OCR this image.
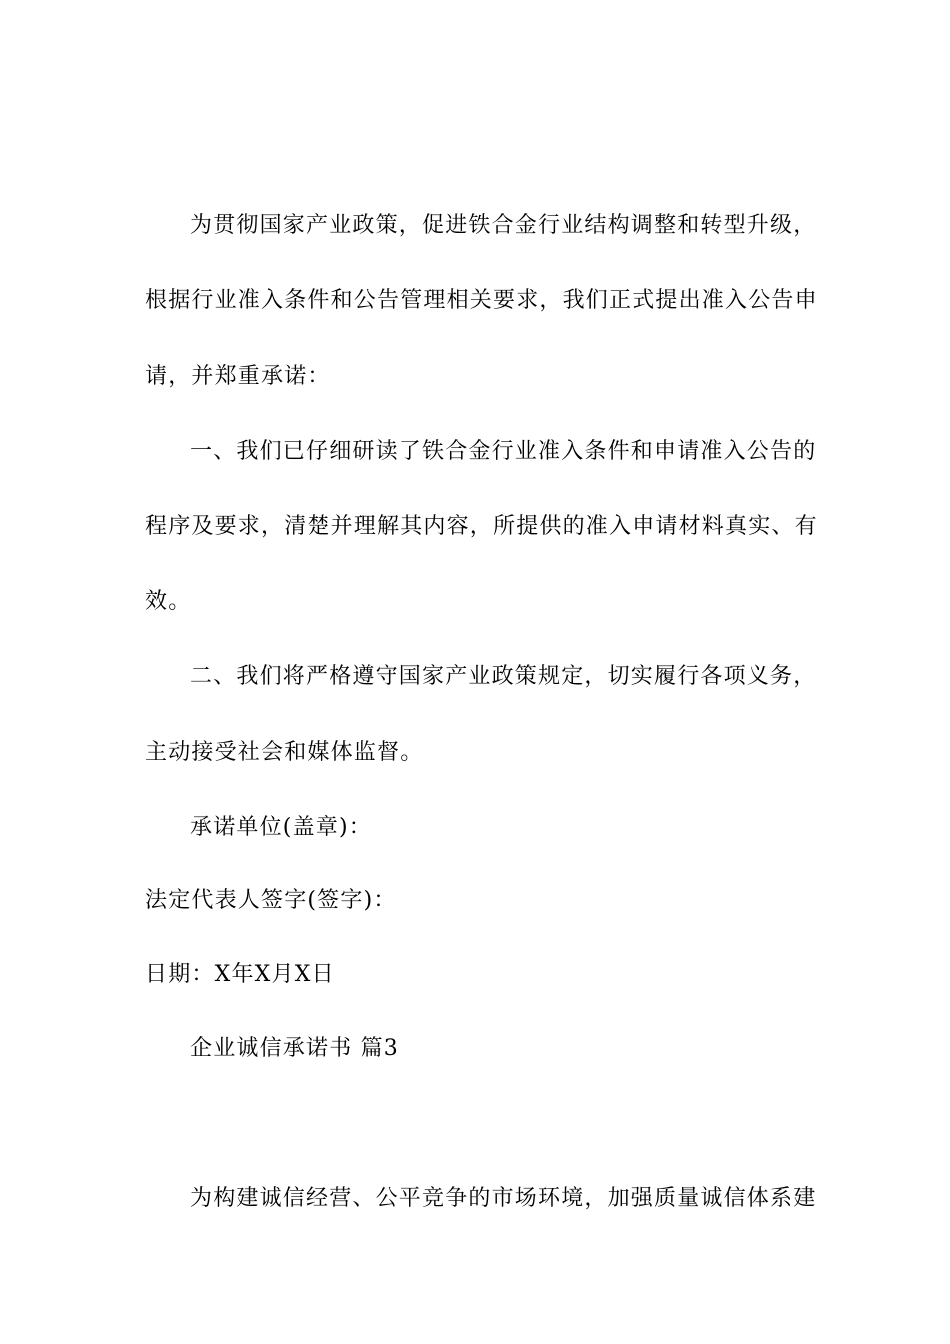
为贯彻国家产业政策，促进铁合金行业结构调整和转型升级，
根据行业准入条件和公告管理相关要求，我们正式提出准入公告申
请，并郑重承诺：
一、我们已仔细研读了铁合金行业准入条件和申请准入公告的
程序及要求，清楚并理解其内容，所提供的准入申请材料真实、有
效。
二、我们将严格遵守国家产业政策规定，切实履行各项义务，
主动接受社会和媒体监督。
承诺单位(盖章)：
法定代表人签字(签字)：
日期：X年X月X日
企业诚信承诺书 篇3
为构建诚信经营、公平竞争的市场环境，加强质量诚信体系建
